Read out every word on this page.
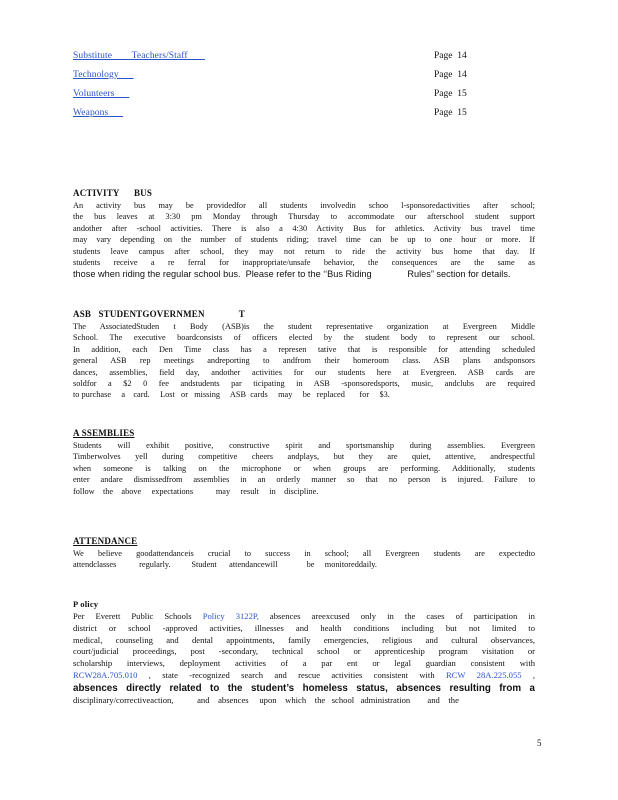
Substitute        Teachers/Staff	Page  14
Technology	Page  14
Volunteers	Page  15
Weapons	Page  15
ACTIVITY      BUS
An activity bus may be providedfor all students involvedin schoo l-sponsoredactivities after school;
the bus leaves at 3:30 pm Monday through Thursday to accommodate our afterschool student support
andother after -school activities. There is also a 4:30 Activity Bus for athletics. Activity bus travel time
may vary depending on the number of students riding; travel time can be up to one hour or more. If
students leave campus after school, they may not return to ride the activity bus home that day. If
students receive a re ferral for inappropriate/unsafe behavior, the consequences are the same as
those when riding the regular school bus.  Please refer to the ‘‘Bus Riding              Rules” section for details.
ASB   STUDENTGOVERNMEN              T
The AssociatedStuden t Body (ASB)is the student representative organization at Evergreen Middle
School. The executive boardconsists of officers elected by the student body to represent our school.
In addition, each Den Time class has a represen tative that is responsible for attending scheduled
general ASB rep meetings andreporting to andfrom their homeroom class. ASB plans andsponsors
dances, assemblies, field day, andother activities for our students here at Evergreen. ASB cards are
soldfor a $2 0 fee andstudents par ticipating in ASB -sponsoredsports, music, andclubs are required
to purchase     a    card.     Lost   or   missing     ASB  cards     may     be   replaced       for     $3.
A SSEMBLIES
Students will exhibit positive, constructive spirit and sportsmanship during assemblies. Evergreen
Timberwolves yell during competitive cheers andplays, but they are quiet, attentive, andrespectful
when someone is talking on the microphone or when groups are performing. Additionally, students
enter andare dismissedfrom assemblies in an orderly manner so that no person is injured. Failure to
follow    the    above     expectations           may     result     in    discipline.
ATTENDANCE
We believe goodattendanceis crucial to success in school; all Evergreen students are expectedto
attendclasses           regularly.          Student      attendancewill              be     monitoreddaily.
P olicy
Per Everett Public Schools Policy 3122P, absences areexcused only in the cases of participation in
district or school -approved activities, illnesses and health conditions including but not limited to
medical, counseling and dental appointments, family emergencies, religious and cultural observances,
court/judicial proceedings, post -secondary, technical school or apprenticeship program visitation or
scholarship interviews, deployment activities of a par ent or legal guardian consistent with
RCW28A.705.010 , state -recognized search and rescue activities consistent with RCW 28A.225.055 ,
absences directly related to the student’s homeless status, absences resulting from a
disciplinary/correctiveaction,           and    absences     upon    which    the   school   administration        and    the
5
